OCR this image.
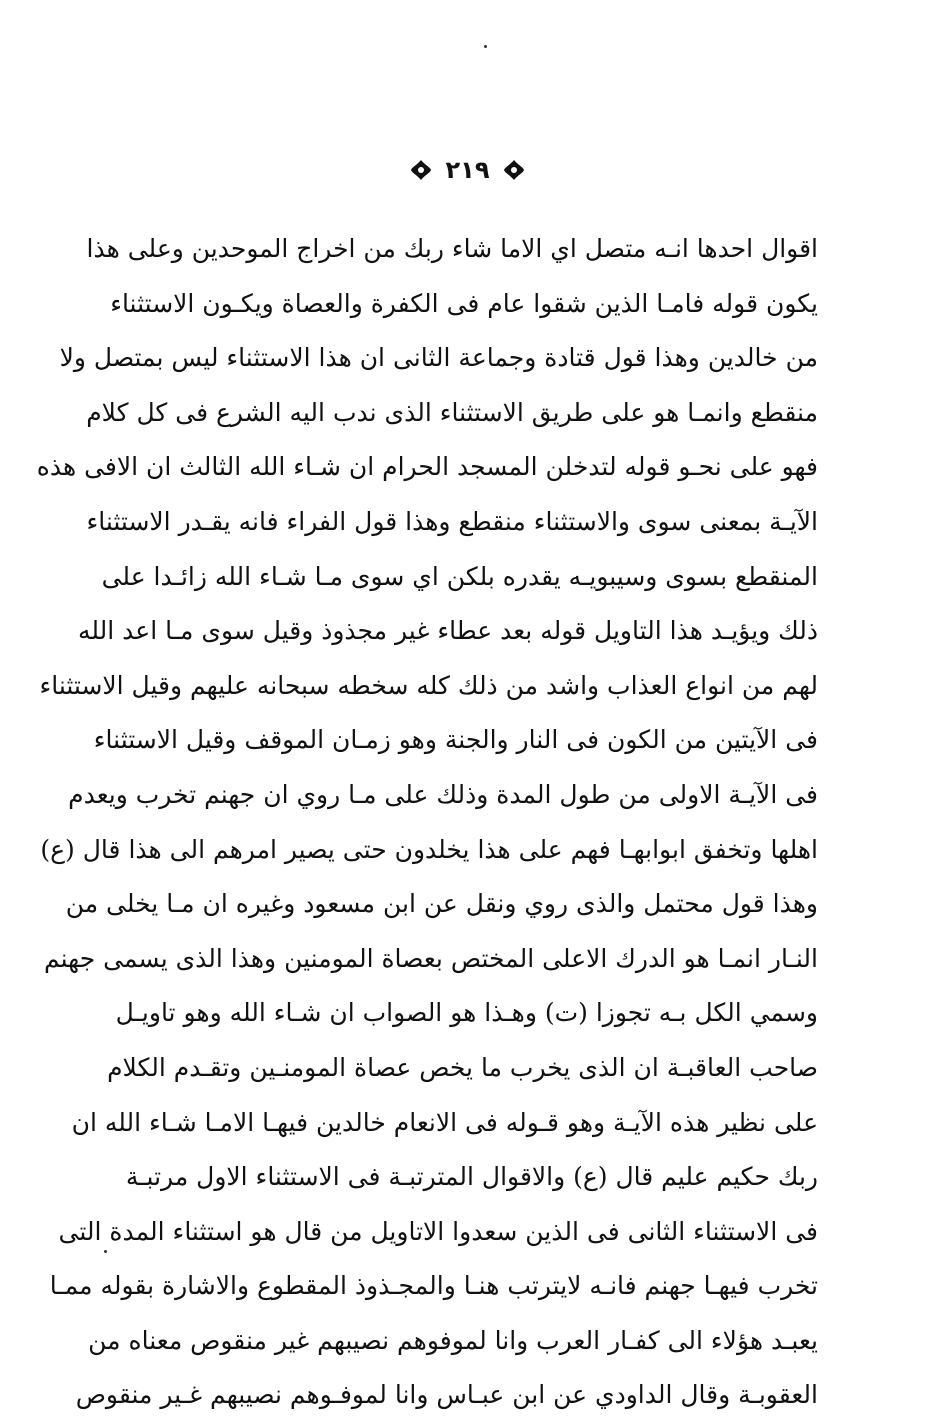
٢١٩
اقوال احدها انـه متصل اي الاما شاء ربك من اخراج الموحدين وعلى هذا
يكون قوله فامـا الذين شقوا عام فى الكفرة والعصاة ويكـون الاستثناء
من خالدين وهذا قول قتادة وجماعة الثانى ان هذا الاستثناء ليس بمتصل ولا
منقطع وانمـا هو على طريق الاستثناء الذى ندب اليه الشرع فى كل كلام
فهو على نحـو قوله لتدخلن المسجد الحرام ان شـاء الله الثالث ان الافى هذه
الآيـة بمعنى سوى والاستثناء منقطع وهذا قول الفراء فانه يقـدر الاستثناء
المنقطع بسوى وسيبويـه يقدره بلكن اي سوى مـا شـاء الله زائـدا على
ذلك ويؤيـد هذا التاويل قوله بعد عطاء غير مجذوذ وقيل سوى مـا اعد الله
لهم من انواع العذاب واشد من ذلك كله سخطه سبحانه عليهم وقيل الاستثناء
فى الآيتين من الكون فى النار والجنة وهو زمـان الموقف وقيل الاستثناء
فى الآيـة الاولى من طول المدة وذلك على مـا روي ان جهنم تخرب ويعدم
اهلها وتخفق ابوابهـا فهم على هذا يخلدون حتى يصير امرهم الى هذا قال (ع)
وهذا قول محتمل والذى روي ونقل عن ابن مسعود وغيره ان مـا يخلى من
النـار انمـا هو الدرك الاعلى المختص بعصاة المومنين وهذا الذى يسمى جهنم
وسمي الكل بـه تجوزا (ت) وهـذا هو الصواب ان شـاء الله وهو تاويـل
صاحب العاقبـة ان الذى يخرب ما يخص عصاة المومنـين وتقـدم الكلام
على نظير هذه الآيـة وهو قـوله فى الانعام خالدين فيهـا الامـا شـاء الله ان
ربك حكيم عليم قال (ع) والاقوال المترتبـة فى الاستثناء الاول مرتبـة
فى الاستثناء الثانى فى الذين سعدوا الاتاويل من قال هو استثناء المدة التى
تخرب فيهـا جهنم فانـه لايترتب هنـا والمجـذوذ المقطوع والاشارة بقوله ممـا
يعبـد هؤلاء الى كفـار العرب وانا لموفوهم نصيبهم غير منقوص معناه من
العقوبـة وقال الداودي عن ابن عبـاس وانا لموفـوهم نصيبهم غـير منقوص
